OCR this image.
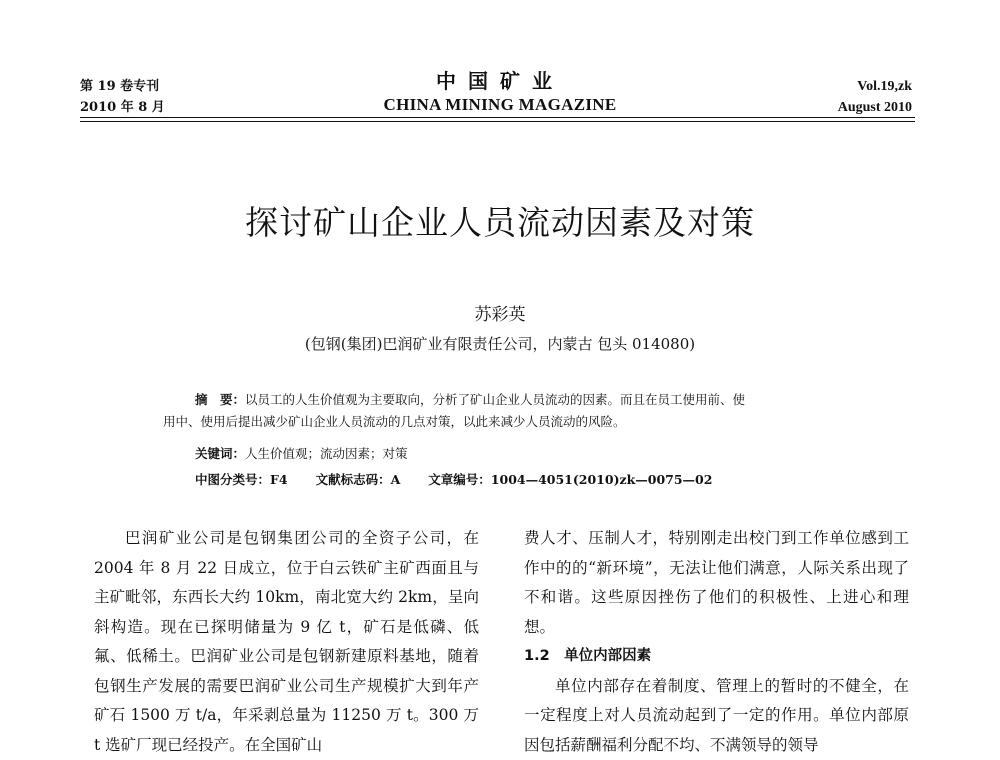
第 19 卷专刊
2010 年 8 月
中国矿业
CHINA MINING MAGAZINE
Vol.19,zk
August 2010
探讨矿山企业人员流动因素及对策
苏彩英
(包钢(集团)巴润矿业有限责任公司，内蒙古 包头 014080)
摘　要：以员工的人生价值观为主要取向，分析了矿山企业人员流动的因素。而且在员工使用前、使
用中、使用后提出减少矿山企业人员流动的几点对策，以此来减少人员流动的风险。
关键词：人生价值观；流动因素；对策
中图分类号：F4 文献标志码：A 文章编号：1004—4051(2010)zk—0075—02

巴润矿业公司是包钢集团公司的全资子公司，在 2004 年 8 月 22 日成立，位于白云铁矿主矿西面且与主矿毗邻，东西长大约 10km，南北宽大约 2km，呈向斜构造。现在已探明储量为 9 亿 t，矿石是低磷、低氟、低稀土。巴润矿业公司是包钢新建原料基地，随着包钢生产发展的需要巴润矿业公司生产规模扩大到年产矿石 1500 万 t/a，年采剥总量为 11250 万 t。300 万 t 选矿厂现已经投产。在全国矿山

费人才、压制人才，特别刚走出校门到工作单位感到工作中的的“新环境”，无法让他们满意，人际关系出现了不和谐。这些原因挫伤了他们的积极性、上进心和理想。

1.2　单位内部因素

单位内部存在着制度、管理上的暂时的不健全，在一定程度上对人员流动起到了一定的作用。单位内部原因包括薪酬福利分配不均、不满领导的领导
